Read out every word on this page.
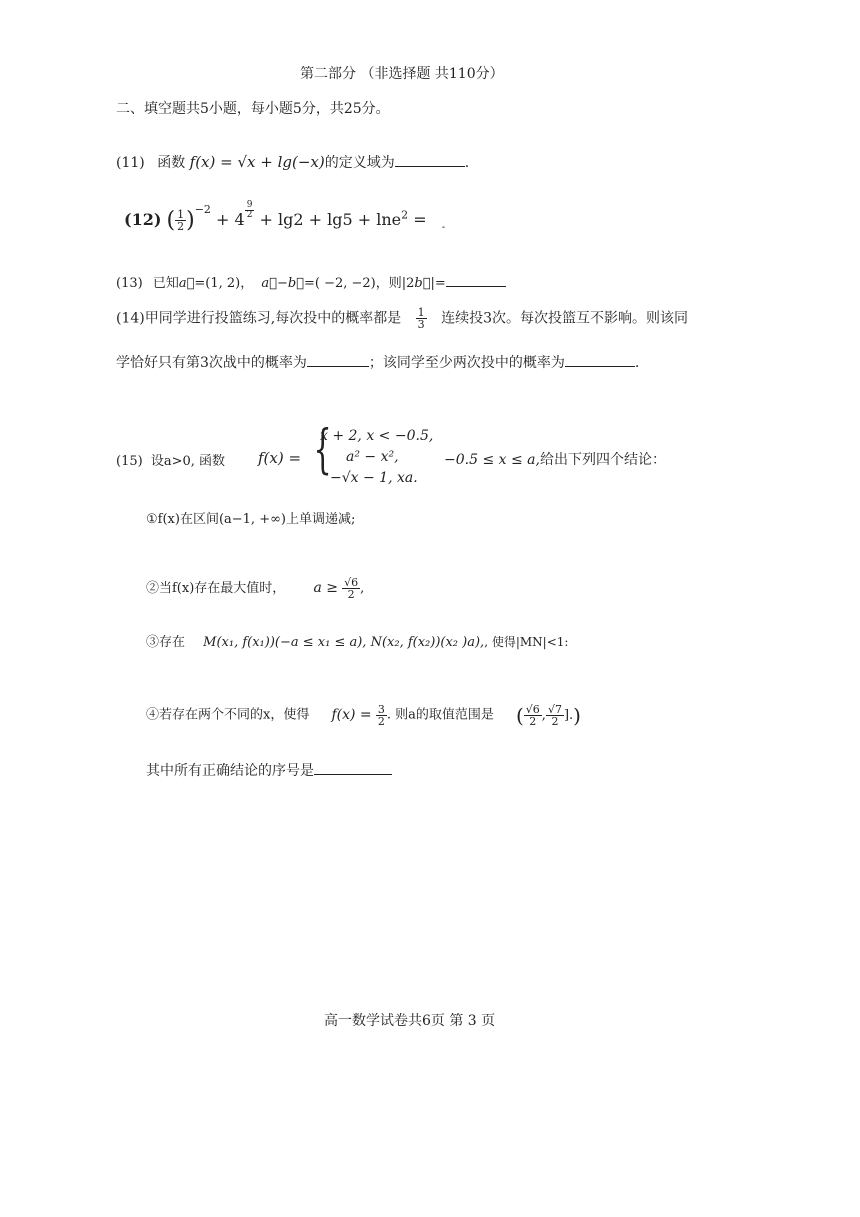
第二部分 （非选择题 共110分）
二、填空题共5小题，每小题5分，共25分。
(11) 函数 f(x) = √x + lg(−x)的定义域为	.
(12) ( $\frac{1}{2} )^{-2} + 4$ $^{\frac{9}{2}}$ + lg2 + lg5 + lne$^2$ = -
(13) 已知a⃗=(1, 2)， a⃗−b⃗=( −2, −2)，则|2b⃗|=
(14)甲同学进行投篮练习,每次投中的概率都是 $\frac{1}{3}$ 连续投3次。每次投篮互不影响。则该同
学恰好只有第3次战中的概率为	；该同学至少两次投中的概率为	.
(15) 设a>0, 函数 f(x) = {
x + 2, x < −0.5,
a² − x²,
−√x − 1, xa.
−0.5 ≤ x ≤ a,给出下列四个结论：
①f(x)在区间(a−1, +∞)上单调递减;
②当f(x)存在最大值时， $a \ge \frac{√6}{2}$ ,
③存在 M(x₁, f(x₁))(−a ≤ x₁ ≤ a), N(x₂, f(x₂))(x₂ )a),, 使得|MN|<1:
④若存在两个不同的x，使得 $f(x) = \frac{3}{2}$ . 则a的取值范围是 ( $\frac{√6}{2}$ , $\frac{√7}{2}$ ].)
其中所有正确结论的序号是
高一数学试卷共6页 第 3 页
